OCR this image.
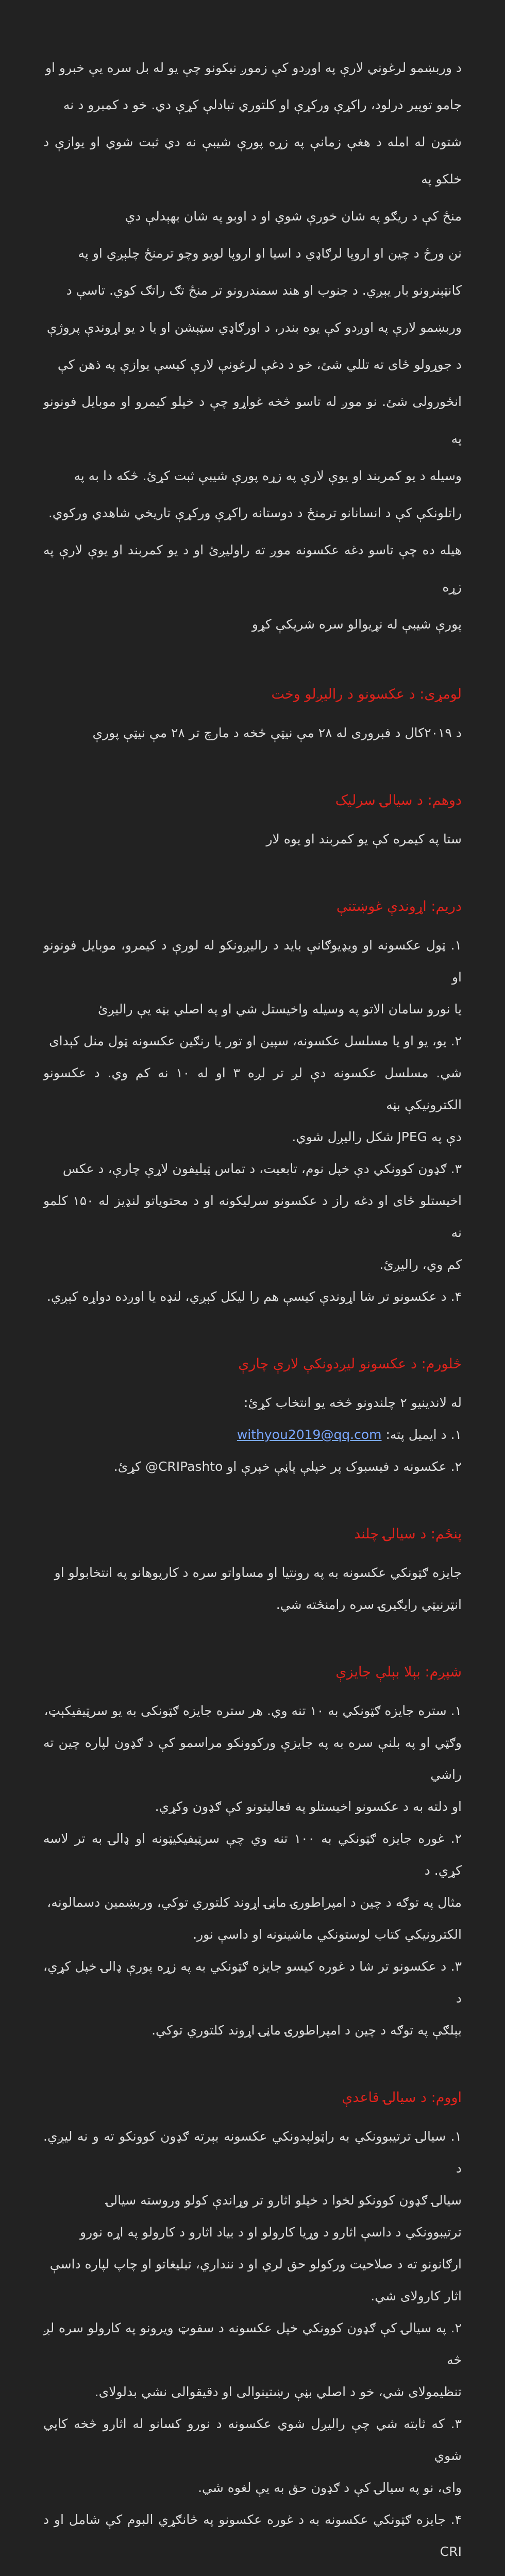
د وربښمو لرغوني لارې په اوږدو کې زموږ نیکونو چې یو له بل سره یې خبرو او

جامو توپیر درلود، راکړې ورکړې او کلتوري تبادلې کړې دي. خو د کمبرو د نه

شتون له امله د هغې زمانې په زړه پورې شیبې نه دي ثبت شوي او یوازې د خلکو په

منځ کې د ریګو په شان خورې شوي او د اوبو په شان بهېدلې دي

نن ورځ د چین او اروپا لرګاډي د اسیا او اروپا لویو وچو ترمنځ چلېږي او په

کانټېنرونو بار یېږي. د جنوب او هند سمندرونو تر منځ تګ راتګ کوي. تاسې د

وربښمو لارې په اوږدو کې یوه بندر، د اورګاډي سټېشن او یا د یو اړوندې پروژې

د جوړولو ځای ته تللي شئ، خو د دغې لرغونې لارې کیسې یوازې په ذهن کې

انځورولی شئ. نو موږ له تاسو څخه غواړو چې د خپلو کیمرو او موبایل فونونو په

وسیله د یو کمربند او یوې لارې په زړه پورې شیبې ثبت کړئ. څکه دا به په

راتلونکې کې د انسانانو ترمنځ د دوستانه راکړې ورکړې تاریخي شاهدي ورکوي.

هیله ده چې تاسو دغه عکسونه موږ ته راولیږئ او د یو کمربند او یوې لارې په زړه

پورې شیبې له نړیوالو سره شریکې کړو

لومړی: د عکسونو د رالیږلو وخت

د ۲۰۱۹کال د فبروری له ۲۸ مې نیټې څخه د مارچ تر ۲۸ مې نیټې پورې

دوهم: د سیالۍ سرلیک

ستا په کیمره کې یو کمربند او یوه لار

دریم: اړوندې غوښتنې

۱. ټول عکسونه او ویډیوګانې باید د رالیږونکو له لورې د کیمرو، موبایل فونونو او

یا نورو سامان الاتو په وسیله واخیستل شي او په اصلي بڼه یې رالیږئ

۲. یو، یو او یا مسلسل عکسونه، سپین او تور یا رنګین عکسونه ټول منل کېدای

شي. مسلسل عکسونه دې لږ تر لږه ۳ او له ۱۰ نه کم وي. د عکسونو الکترونیکې بڼه

دې په JPEG شکل رالیږل شوي.

۳. ګډون کوونکي دې خپل نوم، تابعیت، د تماس ټیلیفون لاړې چارې، د عکس

اخیستلو ځای او دغه راز د عکسونو سرلیکونه او د محتویاتو لنډیز له ۱۵۰ کلمو نه

کم وي، رالیږئ.

۴. د عکسونو تر شا اړوندې کیسې هم را لیکل کېږي، لنډه یا اوږده دواړه کېږي.

څلورم: د عکسونو لیږدونکې لارې چارې

له لاندینیو ۲ چلندونو څخه یو انتخاب کړئ:

۱. د ایمیل پته: withyou2019@qq.com

۲. عکسونه د فیسبوک پر خپلې پاڼې خپرې او CRIPashto@ کړئ.

پنځم: د سیالۍ چلند

جایزه ګټونکي عکسونه به په رونتیا او مساواتو سره د کارپوهانو په انتخابولو او

انټرنیټي رایګیرۍ سره رامنځته شي.

شپږم: بېلا بېلې جایزې

۱. ستره جایزه ګټونکي به ۱۰ تنه وي. هر ستره جایزه ګټونکی به یو سرټیفیکېټ،

وګټي او په بلنې سره به په جایزې ورکوونکو مراسمو کې د ګډون لپاره چین ته راشي

او دلته به د عکسونو اخیستلو په فعالیتونو کې ګډون وکړي.

۲. غوره جایزه ګټونکي به ۱۰۰ تنه وي چې سرټیفیکیټونه او ډالۍ به تر لاسه کړي. د

مثال په توګه د چین د امپراطورۍ ماڼۍ اړوند کلتوري توکي، وربښمین دسمالونه،

الکترونیکي کتاب لوستونکي ماشینونه او داسې نور.

۳. د عکسونو تر شا د غوره کیسو جایزه ګټونکي به په زړه پورې ډالۍ خپل کړي، د

بېلګې په توګه د چین د امپراطورۍ ماڼۍ اړوند کلتوري توکي.

اووم: د سیالۍ قاعدې

۱. سیالۍ ترتیبوونکي به راټولېدونکي عکسونه بېرته ګډون کوونکو ته و نه لیږي. د

سیالۍ ګډون کوونکو لخوا د خپلو اثارو تر وړاندې کولو وروسته سیالۍ

ترتیبوونکي د داسې اثارو د وړیا کارولو او د بیاد اثارو د کارولو په اړه نورو

ارګانونو ته د صلاحیت ورکولو حق لري او د ننداري، تبلیغاتو او چاپ لپاره داسې

اثار کارولای شي.

۲. په سیالۍ کې ګډون کوونکي خپل عکسونه د سفوټ ویرونو په کارولو سره لږ څه

تنظیمولای شي، خو د اصلي بڼې رښتینوالی او دقیقوالی نشي بدلولای.

۳. که ثابته شي چې رالیږل شوي عکسونه د نورو کسانو له اثارو څخه کاپي شوي

وای، نو په سیالۍ کې د ګډون حق به یې لغوه شي.

۴. جایزه ګټونکي عکسونه به د غوره عکسونو په څانګړي البوم کې شامل او د CRI
